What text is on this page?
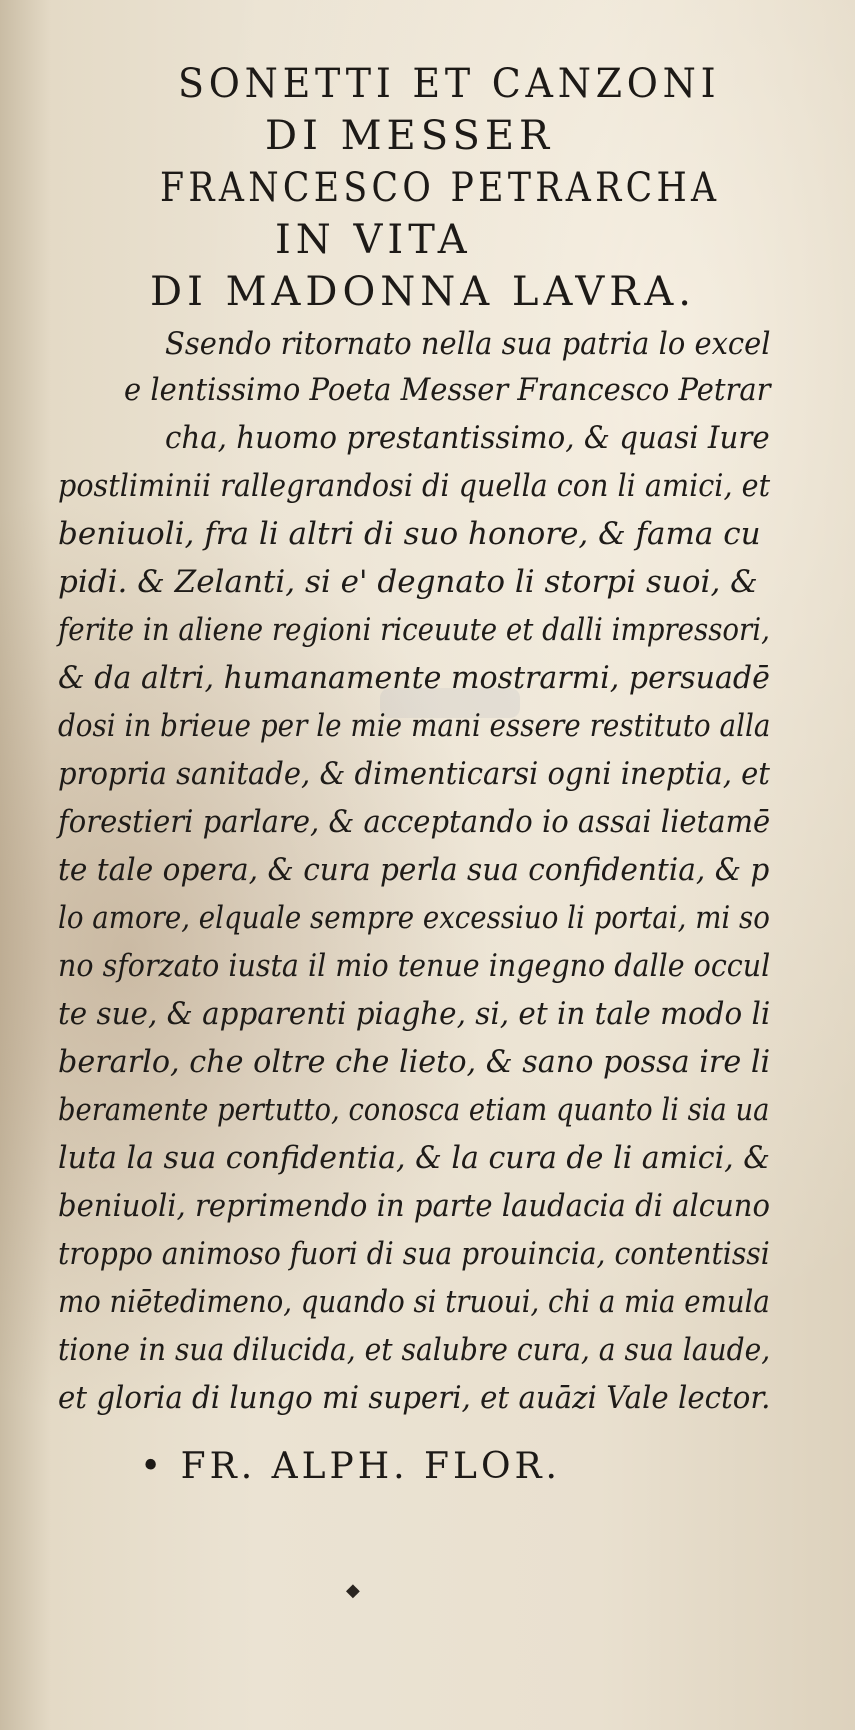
SONETTI ET CANZONI
DI MESSER
FRANCESCO PETRARCHA
IN VITA
DI MADONNA LAVRA.
Ssendo ritornato nella sua patria lo excel
e lentissimo Poeta Messer Francesco Petrar
cha, huomo prestantissimo, & quasi Iure
postliminii rallegrandosi di quella con li amici, et
beniuoli, fra li altri di suo honore, & fama cu
pidi. & Zelanti, si e' degnato li storpi suoi, &
ferite in aliene regioni riceuute et dalli impressori,
& da altri, humanamente mostrarmi, persuadē
dosi in brieue per le mie mani essere restituto alla
propria sanitade, & dimenticarsi ogni ineptia, et
forestieri parlare, & acceptando io assai lietamē
te tale opera, & cura perla sua confidentia, & p
lo amore, elquale sempre excessiuo li portai, mi so
no sforzato iusta il mio tenue ingegno dalle occul
te sue, & apparenti piaghe, si, et in tale modo li
berarlo, che oltre che lieto, & sano possa ire li
beramente pertutto, conosca etiam quanto li sia ua
luta la sua confidentia, & la cura de li amici, &
beniuoli, reprimendo in parte laudacia di alcuno
troppo animoso fuori di sua prouincia, contentissi
mo niētedimeno, quando si truoui, chi a mia emula
tione in sua dilucida, et salubre cura, a sua laude,
et gloria di lungo mi superi, et auāzi Vale lector.
• FR. ALPH. FLOR.
◆
